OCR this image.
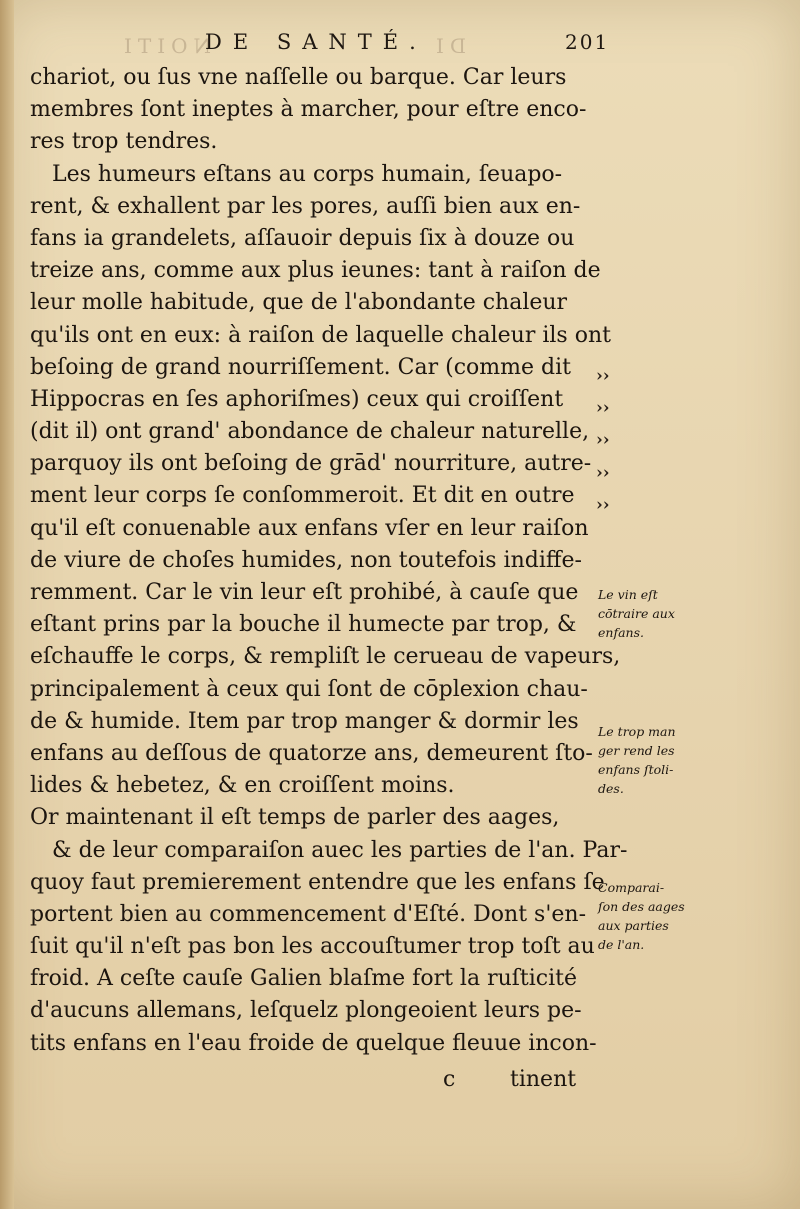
NOITI	DI
DE SANTÉ.	201
chariot, ou ſus vne naſſelle ou barque. Car leurs
membres ſont ineptes à marcher, pour eſtre enco-
res trop tendres.
Les humeurs eſtans au corps humain, ſeuapo-
rent, & exhallent par les pores, auſſi bien aux en-
fans ia grandelets, aſſauoir depuis ſix à douze ou
treize ans, comme aux plus ieunes: tant à raiſon de
leur molle habitude, que de l'abondante chaleur
qu'ils ont en eux: à raiſon de laquelle chaleur ils ont
beſoing de grand nourriſſement. Car (comme dit
Hippocras en ſes aphoriſmes) ceux qui croiſſent
(dit il) ont grand' abondance de chaleur naturelle,
parquoy ils ont beſoing de grād' nourriture, autre-
ment leur corps ſe conſommeroit. Et dit en outre
qu'il eſt conuenable aux enfans vſer en leur raiſon
de viure de choſes humides, non toutefois indiffe-
remment. Car le vin leur eſt prohibé, à cauſe que
eſtant prins par la bouche il humecte par trop, &
eſchauffe le corps, & rempliſt le cerueau de vapeurs,
principalement à ceux qui ſont de cōplexion chau-
de & humide. Item par trop manger & dormir les
enfans au deſſous de quatorze ans, demeurent ſto-
lides & hebetez, & en croiſſent moins.
Or maintenant il eſt temps de parler des aages,
& de leur comparaiſon auec les parties de l'an. Par-
quoy faut premierement entendre que les enfans ſe
portent bien au commencement d'Eſté. Dont s'en-
ſuit qu'il n'eſt pas bon les accouſtumer trop toſt au
froid. A ceſte cauſe Galien blaſme fort la ruſticité
d'aucuns allemans, leſquelz plongeoient leurs pe-
tits enfans en l'eau froide de quelque fleuue incon-
››
››
››
››
››
Le vin eſt
cōtraire aux
enfans.
Le trop man
ger rend les
enfans ſtoli-
des.
Comparai-
ſon des aages
aux parties
de l'an.
c tinent
